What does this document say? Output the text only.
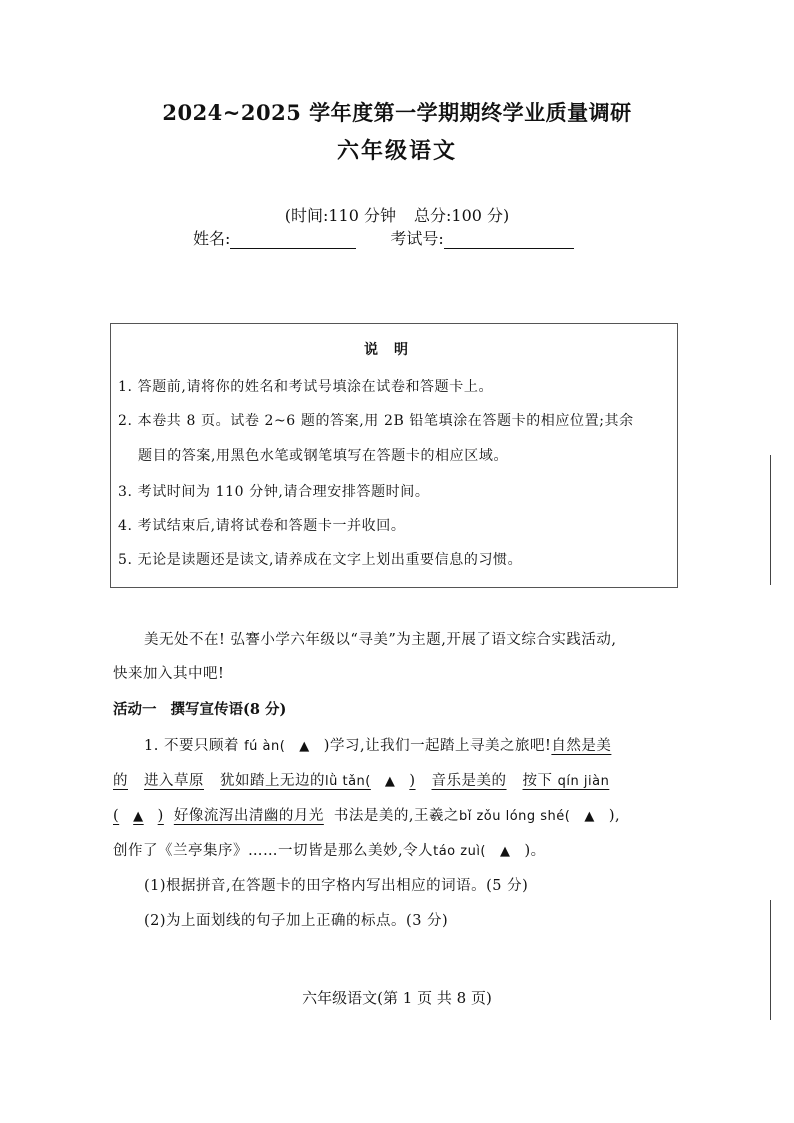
2024~2025 学年度第一学期期终学业质量调研
六年级语文
(时间:110 分钟 总分:100 分)
姓名:	考试号:
说明
1. 答题前,请将你的姓名和考试号填涂在试卷和答题卡上。
2. 本卷共 8 页。试卷 2~6 题的答案,用 2B 铅笔填涂在答题卡的相应位置;其余
题目的答案,用黑色水笔或钢笔填写在答题卡的相应区域。
3. 考试时间为 110 分钟,请合理安排答题时间。
4. 考试结束后,请将试卷和答题卡一并收回。
5. 无论是读题还是读文,请养成在文字上划出重要信息的习惯。
美无处不在! 弘謇小学六年级以“寻美”为主题,开展了语文综合实践活动,
快来加入其中吧!
活动一 撰写宣传语(8 分)
1. 不要只顾着 fú àn( ▲ )学习,让我们一起踏上寻美之旅吧!自然是美
的 进入草原 犹如踏上无边的lǜ tǎn( ▲ ) 音乐是美的 按下 qín jiàn
( ▲ ) 好像流泻出清幽的月光 书法是美的,王羲之bǐ zǒu lóng shé( ▲ ),
创作了《兰亭集序》……一切皆是那么美妙,令人táo zuì( ▲ )。
(1)根据拼音,在答题卡的田字格内写出相应的词语。(5 分)
(2)为上面划线的句子加上正确的标点。(3 分)
六年级语文(第 1 页 共 8 页)
